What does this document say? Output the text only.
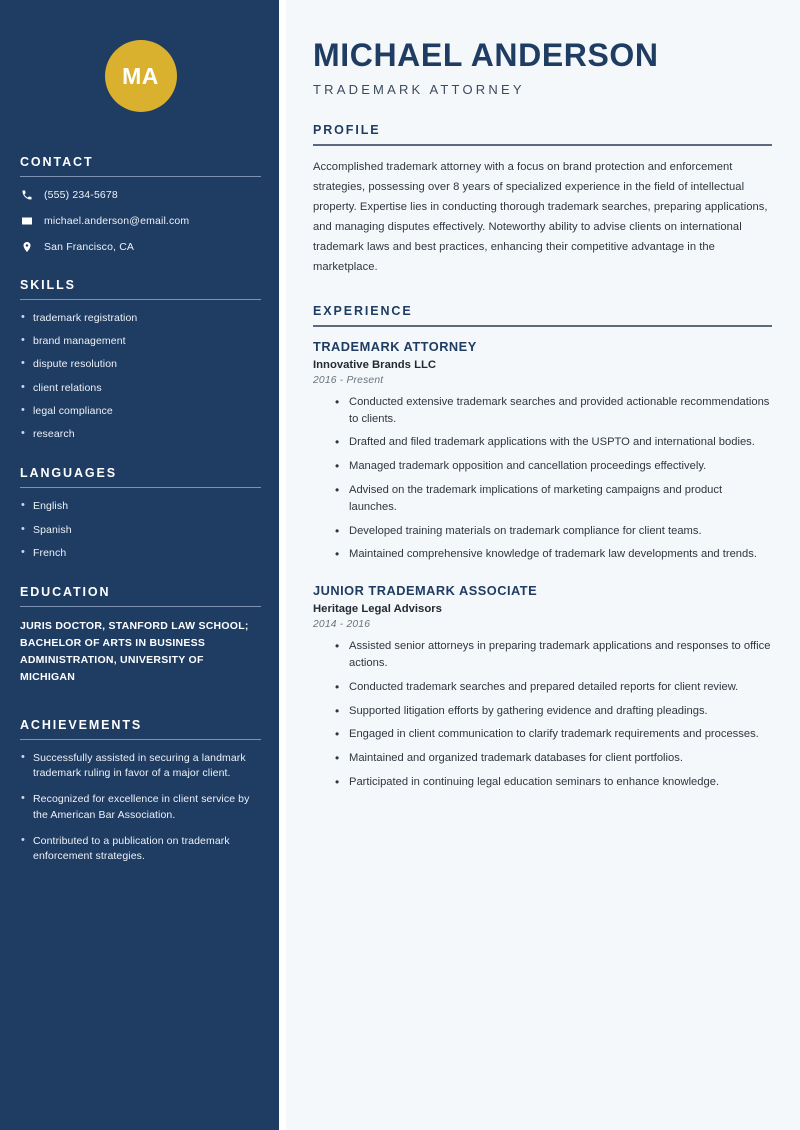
MA
CONTACT
(555) 234-5678
michael.anderson@email.com
San Francisco, CA
SKILLS
• trademark registration
• brand management
• dispute resolution
• client relations
• legal compliance
• research
LANGUAGES
• English
• Spanish
• French
EDUCATION
JURIS DOCTOR, STANFORD LAW SCHOOL; BACHELOR OF ARTS IN BUSINESS ADMINISTRATION, UNIVERSITY OF MICHIGAN
ACHIEVEMENTS
• Successfully assisted in securing a landmark trademark ruling in favor of a major client.
• Recognized for excellence in client service by the American Bar Association.
• Contributed to a publication on trademark enforcement strategies.
MICHAEL ANDERSON
TRADEMARK ATTORNEY
PROFILE

Accomplished trademark attorney with a focus on brand protection and enforcement strategies, possessing over 8 years of specialized experience in the field of intellectual property. Expertise lies in conducting thorough trademark searches, preparing applications, and managing disputes effectively. Noteworthy ability to advise clients on international trademark laws and best practices, enhancing their competitive advantage in the marketplace.

EXPERIENCE
TRADEMARK ATTORNEY
Innovative Brands LLC
2016 - Present
• Conducted extensive trademark searches and provided actionable recommendations to clients.
• Drafted and filed trademark applications with the USPTO and international bodies.
• Managed trademark opposition and cancellation proceedings effectively.
• Advised on the trademark implications of marketing campaigns and product launches.
• Developed training materials on trademark compliance for client teams.
• Maintained comprehensive knowledge of trademark law developments and trends.
JUNIOR TRADEMARK ASSOCIATE
Heritage Legal Advisors
2014 - 2016
• Assisted senior attorneys in preparing trademark applications and responses to office actions.
• Conducted trademark searches and prepared detailed reports for client review.
• Supported litigation efforts by gathering evidence and drafting pleadings.
• Engaged in client communication to clarify trademark requirements and processes.
• Maintained and organized trademark databases for client portfolios.
• Participated in continuing legal education seminars to enhance knowledge.
